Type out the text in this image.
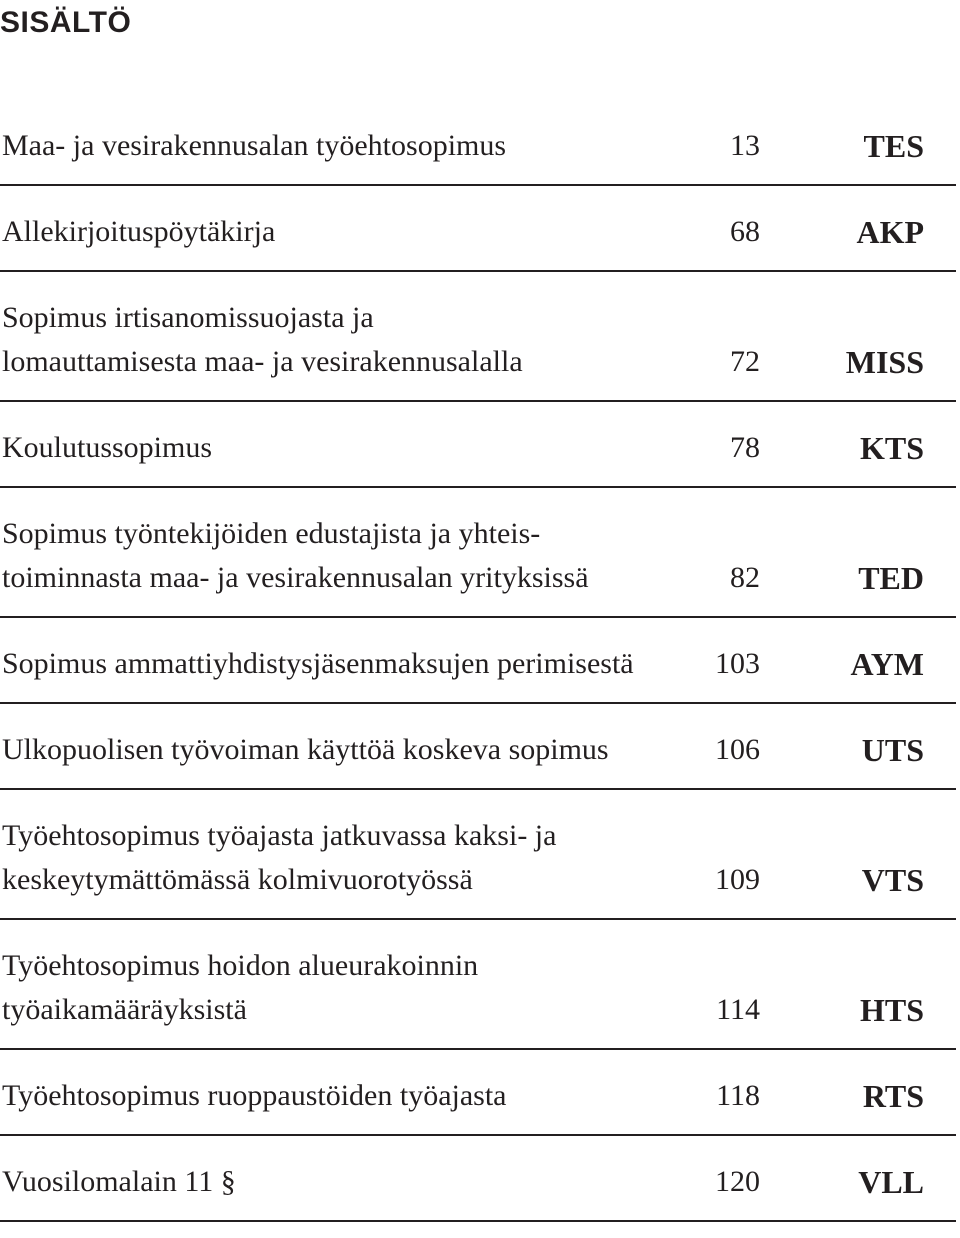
SISÄLTÖ
Maa- ja vesirakennusalan työehtosopimus	13	TES
Allekirjoituspöytäkirja	68	AKP
Sopimus irtisanomissuojasta ja
lomauttamisesta maa- ja vesirakennusalalla	72	MISS
Koulutussopimus	78	KTS
Sopimus työntekijöiden edustajista ja yhteis-
toiminnasta maa- ja vesirakennusalan yrityksissä	82	TED
Sopimus ammattiyhdistysjäsenmaksujen perimisestä	103	AYM
Ulkopuolisen työvoiman käyttöä koskeva sopimus	106	UTS
Työehtosopimus työajasta jatkuvassa kaksi- ja
keskeytymättömässä kolmivuorotyössä	109	VTS
Työehtosopimus hoidon alueurakoinnin
työaikamääräyksistä	114	HTS
Työehtosopimus ruoppaustöiden työajasta	118	RTS
Vuosilomalain 11 §	120	VLL
